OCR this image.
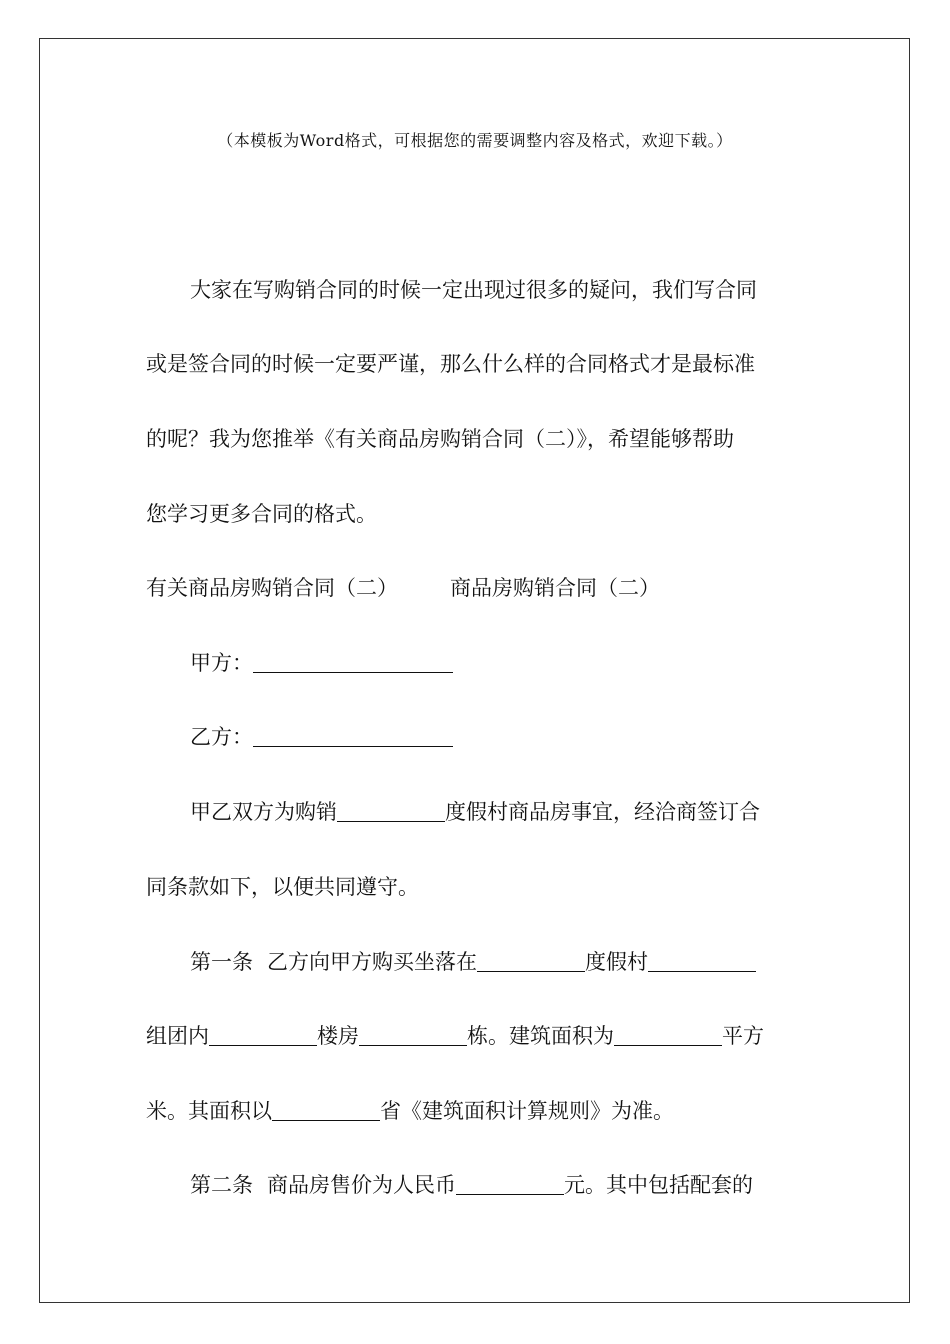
（本模板为Word格式，可根据您的需要调整内容及格式，欢迎下载。）
大家在写购销合同的时候一定出现过很多的疑问，我们写合同
或是签合同的时候一定要严谨，那么什么样的合同格式才是最标准
的呢？我为您推举《有关商品房购销合同（二）》，希望能够帮助
您学习更多合同的格式。
有关商品房购销合同（二） 商品房购销合同（二）
甲方：
乙方：
甲乙双方为购销	度假村商品房事宜，经洽商签订合
同条款如下，以便共同遵守。
第一条 乙方向甲方购买坐落在	度假村
组团内	楼房	栋。建筑面积为	平方
米。其面积以	省《建筑面积计算规则》为准。
第二条 商品房售价为人民币	元。其中包括配套的
